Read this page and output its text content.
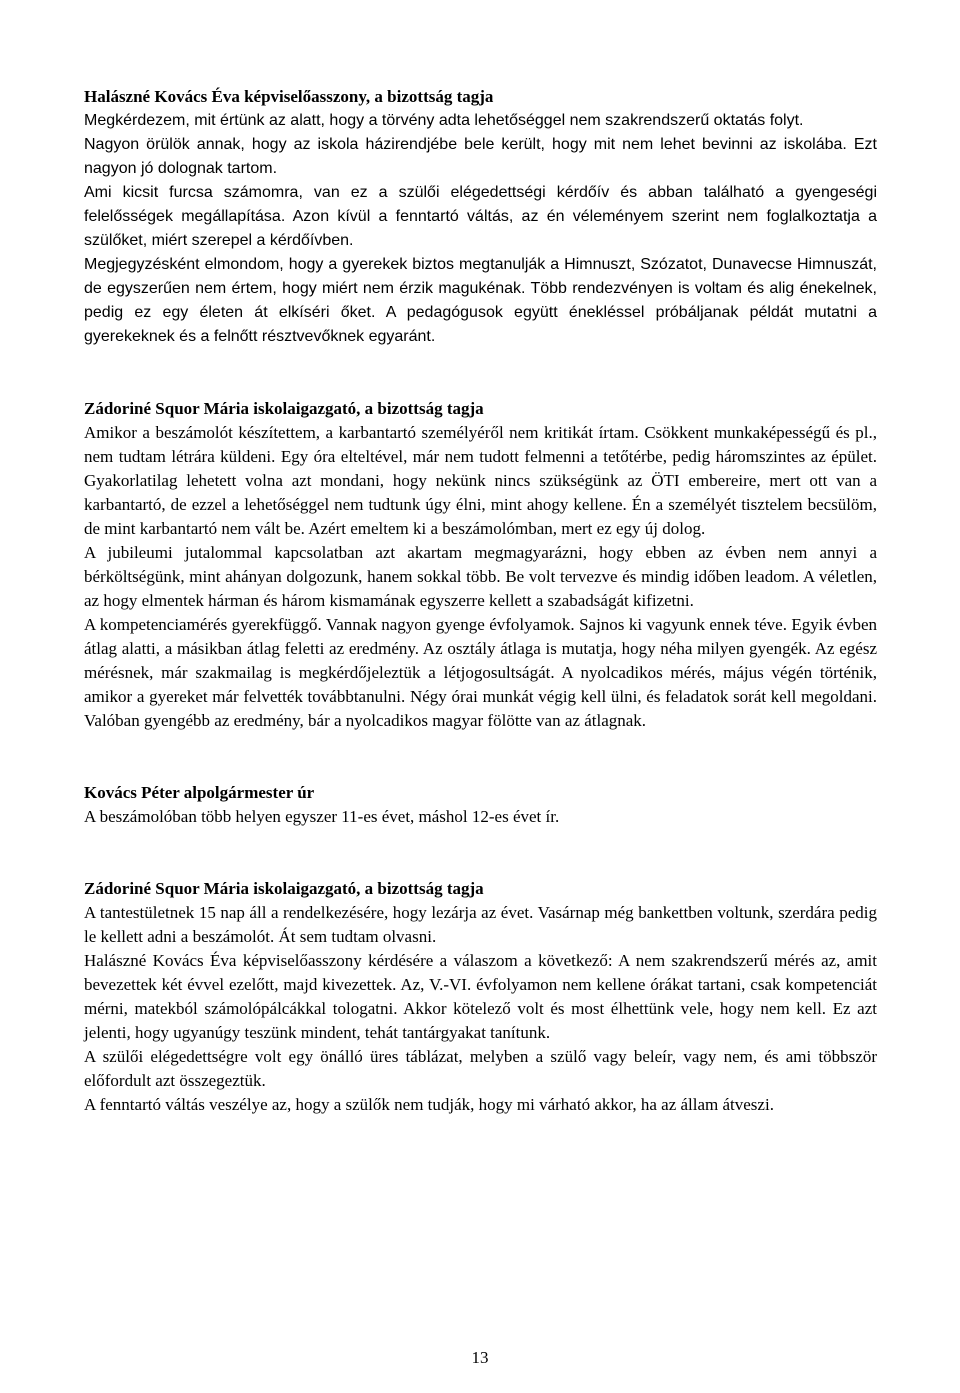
Halászné Kovács Éva képviselőasszony, a bizottság tagja

Megkérdezem, mit értünk az alatt, hogy a törvény adta lehetőséggel nem szakrendszerű oktatás folyt.

Nagyon örülök annak, hogy az iskola házirendjébe bele került, hogy mit nem lehet bevinni az iskolába. Ezt nagyon jó dolognak tartom.

Ami kicsit furcsa számomra, van ez a szülői elégedettségi kérdőív és abban található a gyengeségi felelősségek megállapítása. Azon kívül a fenntartó váltás, az én véleményem szerint nem foglalkoztatja a szülőket, miért szerepel a kérdőívben.

Megjegyzésként elmondom, hogy a gyerekek biztos megtanulják a Himnuszt, Szózatot, Dunavecse Himnuszát, de egyszerűen nem értem, hogy miért nem érzik magukénak. Több rendezvényen is voltam és alig énekelnek, pedig ez egy életen át elkíséri őket. A pedagógusok együtt énekléssel próbáljanak példát mutatni a gyerekeknek és a felnőtt résztvevőknek egyaránt.

Zádoriné Squor Mária iskolaigazgató, a bizottság tagja

Amikor a beszámolót készítettem, a karbantartó személyéről nem kritikát írtam. Csökkent munkaképességű és pl., nem tudtam létrára küldeni. Egy óra elteltével, már nem tudott felmenni a tetőtérbe, pedig háromszintes az épület. Gyakorlatilag lehetett volna azt mondani, hogy nekünk nincs szükségünk az ÖTI embereire, mert ott van a karbantartó, de ezzel a lehetőséggel nem tudtunk úgy élni, mint ahogy kellene. Én a személyét tisztelem becsülöm, de mint karbantartó nem vált be. Azért emeltem ki a beszámolómban, mert ez egy új dolog.

A jubileumi jutalommal kapcsolatban azt akartam megmagyarázni, hogy ebben az évben nem annyi a bérköltségünk, mint ahányan dolgozunk, hanem sokkal több. Be volt tervezve és mindig időben leadom. A véletlen, az hogy elmentek hárman és három kismamának egyszerre kellett a szabadságát kifizetni.

A kompetenciamérés gyerekfüggő. Vannak nagyon gyenge évfolyamok. Sajnos ki vagyunk ennek téve. Egyik évben átlag alatti, a másikban átlag feletti az eredmény. Az osztály átlaga is mutatja, hogy néha milyen gyengék. Az egész mérésnek, már szakmailag is megkérdőjeleztük a létjogosultságát. A nyolcadikos mérés, május végén történik, amikor a gyereket már felvették továbbtanulni. Négy órai munkát végig kell ülni, és feladatok sorát kell megoldani. Valóban gyengébb az eredmény, bár a nyolcadikos magyar fölötte van az átlagnak.

Kovács Péter alpolgármester úr

A beszámolóban több helyen egyszer 11-es évet, máshol 12-es évet ír.

Zádoriné Squor Mária iskolaigazgató, a bizottság tagja

A tantestületnek 15 nap áll a rendelkezésére, hogy lezárja az évet. Vasárnap még bankettben voltunk, szerdára pedig le kellett adni a beszámolót. Át sem tudtam olvasni.

Halászné Kovács Éva képviselőasszony kérdésére a válaszom a következő: A nem szakrendszerű mérés az, amit bevezettek két évvel ezelőtt, majd kivezettek. Az, V.-VI. évfolyamon nem kellene órákat tartani, csak kompetenciát mérni, matekból számolópálcákkal tologatni. Akkor kötelező volt és most élhettünk vele, hogy nem kell. Ez azt jelenti, hogy ugyanúgy teszünk mindent, tehát tantárgyakat tanítunk.

A szülői elégedettségre volt egy önálló üres táblázat, melyben a szülő vagy beleír, vagy nem, és ami többször előfordult azt összegeztük.

A fenntartó váltás veszélye az, hogy a szülők nem tudják, hogy mi várható akkor, ha az állam átveszi.

13
